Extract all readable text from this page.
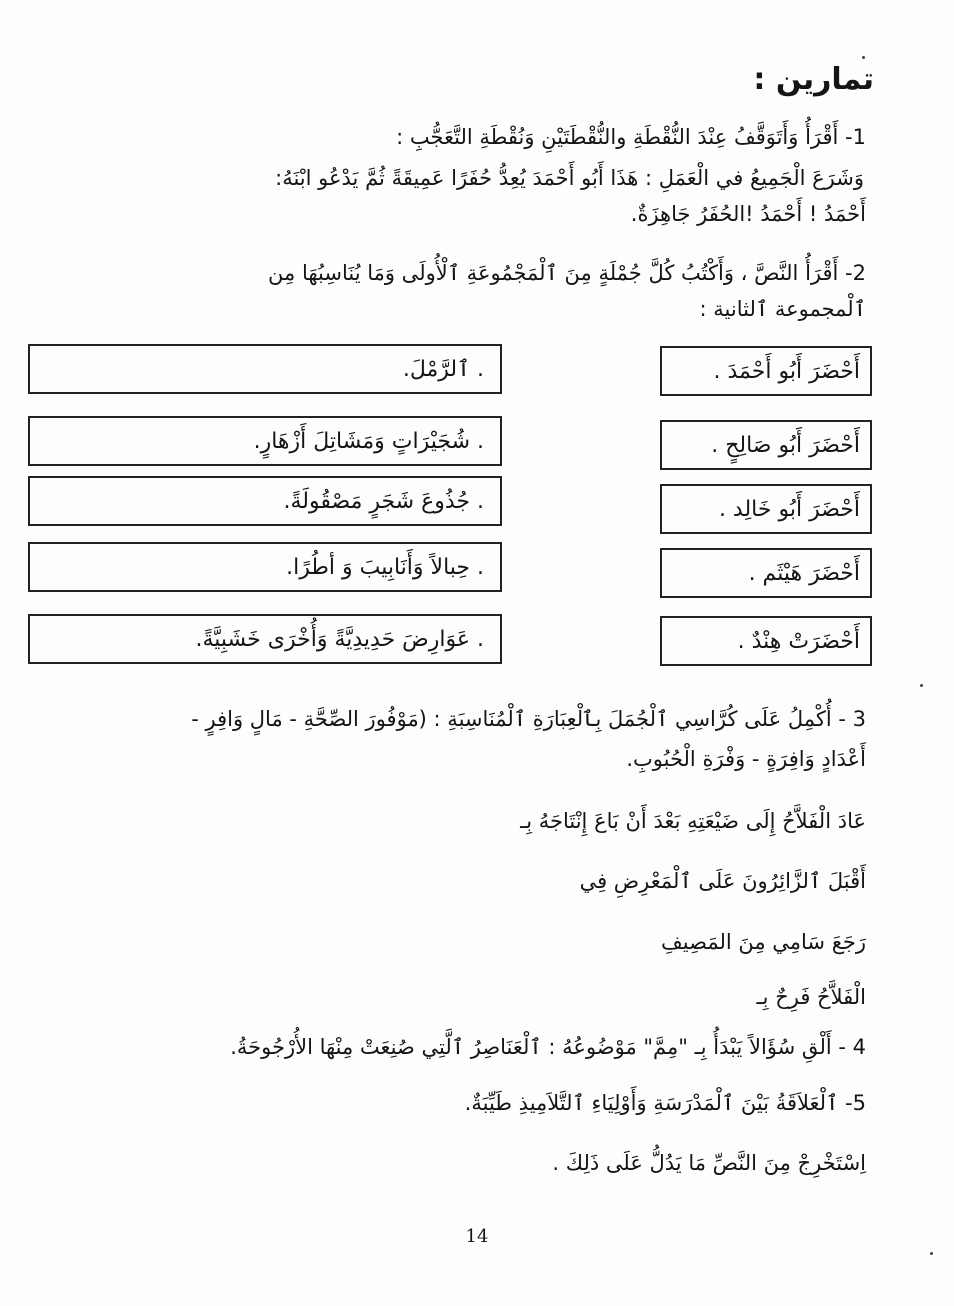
تمارين :
1- أَقْرَأُ وَأَتَوَقَّفُ عِنْدَ النُّقْطَةِ والنُّقْطَتَيْنِ وَنُقْطَةِ التَّعَجُّبِ :
وَشَرَعَ الْجَمِيعُ في الْعَمَلِ : هَذَا أَبُو أَحْمَدَ يُعِدُّ حُفَرًا عَمِيقَةً ثُمَّ يَدْعُو ابْنَهُ:
أَحْمَدُ ! أَحْمَدُ !الحُفَرُ جَاهِزَةٌ.
2- أَقْرَأُ النَّصَّ ، وَأَكْتُبُ كُلَّ جُمْلَةٍ مِنَ ٱلْمَجْمُوعَةِ ٱلْأُولَى وَمَا يُنَاسِبُهَا مِن
ٱلْمجموعة ٱلثانية :
أَحْضَرَ أَبُو أَحْمَدَ .
أَحْضَرَ أَبُو صَالِحٍ .
أَحْضَرَ أَبُو خَالِد .
أَحْضَرَ هَيْثَم .
أَحْضَرَتْ هِنْدٌ .
. ٱلرَّمْلَ.
. شُجَيْرَاتٍ وَمَشَاتِلَ أَزْهَارٍ.
. جُذُوعَ شَجَرٍ مَصْقُولَةً.
. حِبالاً وَأَنَابِيبَ وَ أطُرًا.
. عَوَارِضَ حَدِيدِيَّةً وَأُخْرَى خَشَبِيَّةً.
3 - أُكْمِلُ عَلَى كُرَّاسِي ٱلْجُمَلَ بِٱلْعِبَارَةِ ٱلْمُنَاسِبَةِ : (مَوْفُورَ الصِّحَّةِ - مَالٍ وَافِرٍ -
أَعْدَادٍ وَافِرَةٍ - وَفْرَةِ الْحُبُوبِ.
عَادَ الْفَلاَّحُ إِلَى ضَيْعَتِهِ بَعْدَ أَنْ بَاعَ إِنْتَاجَهُ بِـ
أَقْبَلَ ٱلزَّائِرُونَ عَلَى ٱلْمَعْرِضِ فِي
رَجَعَ سَامِي مِنَ المَصِيفِ
الْفَلاَّحُ فَرِحٌ بِـ
4 - أَلْقِ سُؤَالاً يَبْدَأُ بِـ "مِمَّ" مَوْضُوعُهُ : ٱلْعَنَاصِرُ ٱلَّتِي صُنِعَتْ مِنْهَا الأُرْجُوحَةُ.
5- ٱلْعَلاَقَةُ بَيْنَ ٱلْمَدْرَسَةِ وَأَوْلِيَاءِ ٱلتَّلاَمِيذِ طَيِّبَةٌ.
اِسْتَخْرِجْ مِنَ النَّصِّ مَا يَدُلُّ عَلَى ذَلِكَ .
14
